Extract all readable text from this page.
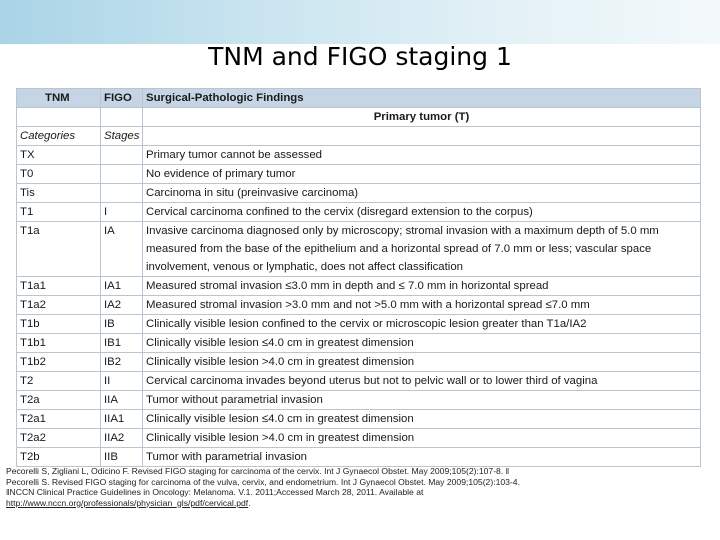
TNM and FIGO staging 1
TNM	FIGO	Surgical-Pathologic Findings
		Primary tumor (T)
Categories	Stages	
TX		Primary tumor cannot be assessed
T0		No evidence of primary tumor
Tis		Carcinoma in situ (preinvasive carcinoma)
T1	I	Cervical carcinoma confined to the cervix (disregard extension to the corpus)
T1a	IA	Invasive carcinoma diagnosed only by microscopy; stromal invasion with a maximum depth of 5.0 mm measured from the base of the epithelium and a horizontal spread of 7.0 mm or less; vascular space involvement, venous or lymphatic, does not affect classification
T1a1	IA1	Measured stromal invasion ≤3.0 mm in depth and ≤ 7.0 mm in horizontal spread
T1a2	IA2	Measured stromal invasion >3.0 mm and not >5.0 mm with a horizontal spread ≤7.0 mm
T1b	IB	Clinically visible lesion confined to the cervix or microscopic lesion greater than T1a/IA2
T1b1	IB1	Clinically visible lesion ≤4.0 cm in greatest dimension
T1b2	IB2	Clinically visible lesion >4.0 cm in greatest dimension
T2	II	Cervical carcinoma invades beyond uterus but not to pelvic wall or to lower third of vagina
T2a	IIA	Tumor without parametrial invasion
T2a1	IIA1	Clinically visible lesion ≤4.0 cm in greatest dimension
T2a2	IIA2	Clinically visible lesion >4.0 cm in greatest dimension
T2b	IIB	Tumor with parametrial invasion
Pecorelli S, Zigliani L, Odicino F. Revised FIGO staging for carcinoma of the cervix. Int J Gynaecol Obstet. May 2009;105(2):107-8. ‖
Pecorelli S. Revised FIGO staging for carcinoma of the vulva, cervix, and endometrium. Int J Gynaecol Obstet. May 2009;105(2):103-4.
‖NCCN Clinical Practice Guidelines in Oncology: Melanoma. V.1. 2011;Accessed March 28, 2011. Available at
http://www.nccn.org/professionals/physician_gls/pdf/cervical.pdf.
